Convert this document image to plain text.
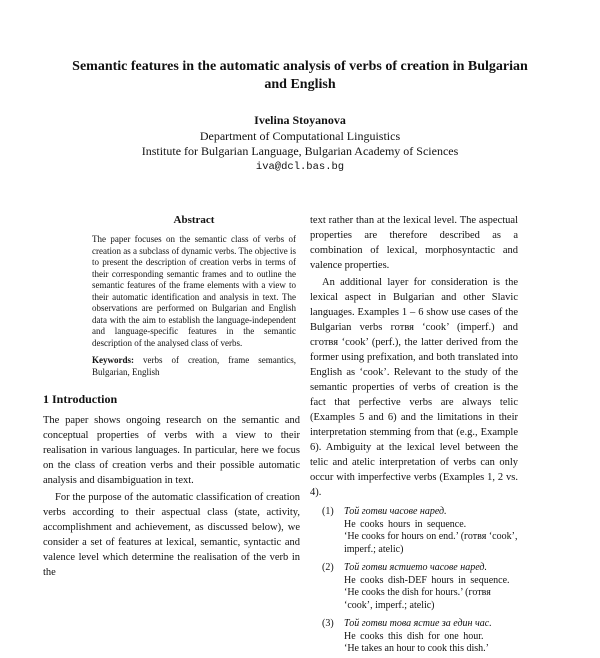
Semantic features in the automatic analysis of verbs of creation in Bulgarian and English
Ivelina Stoyanova
Department of Computational Linguistics
Institute for Bulgarian Language, Bulgarian Academy of Sciences
iva@dcl.bas.bg
Abstract
The paper focuses on the semantic class of verbs of creation as a subclass of dynamic verbs. The objective is to present the description of creation verbs in terms of their corresponding semantic frames and to outline the semantic features of the frame elements with a view to their automatic identification and analysis in text. The observations are performed on Bulgarian and English data with the aim to establish the language-independent and language-specific features in the semantic description of the analysed class of verbs.
Keywords: verbs of creation, frame semantics, Bulgarian, English
1 Introduction

The paper shows ongoing research on the semantic and conceptual properties of verbs with a view to their realisation in various languages. In particular, here we focus on the class of creation verbs and their possible automatic analysis and disambiguation in text.

For the purpose of the automatic classification of creation verbs according to their aspectual class (state, activity, accomplishment and achievement, as discussed below), we consider a set of features at lexical, semantic, syntactic and valence level which determine the realisation of the verb in the

text rather than at the lexical level. The aspectual properties are therefore described as a combination of lexical, morphosyntactic and valence properties.

An additional layer for consideration is the lexical aspect in Bulgarian and other Slavic languages. Examples 1 – 6 show use cases of the Bulgarian verbs готвя ‘cook’ (imperf.) and сготвя ‘cook’ (perf.), the latter derived from the former using prefixation, and both translated into English as ‘cook’. Relevant to the study of the semantic properties of verbs of creation is the fact that perfective verbs are always telic (Examples 5 and 6) and the limitations in their interpretation stemming from that (e.g., Example 6). Ambiguity at the lexical level between the telic and atelic interpretation of verbs can only occur with imperfective verbs (Examples 1, 2 vs. 4).

(1)	Той готви часове наред.
He cooks hours in sequence.
‘He cooks for hours on end.’ (готвя ‘cook’, imperf.; atelic)
(2)	Той готви ястието часове наред.
He cooks dish-DEF hours in sequence.
‘He cooks the dish for hours.’ (готвя ‘cook’, imperf.; atelic)
(3)	Той готви това ястие за един час.
He cooks this dish for one hour.
‘He takes an hour to cook this dish.’
